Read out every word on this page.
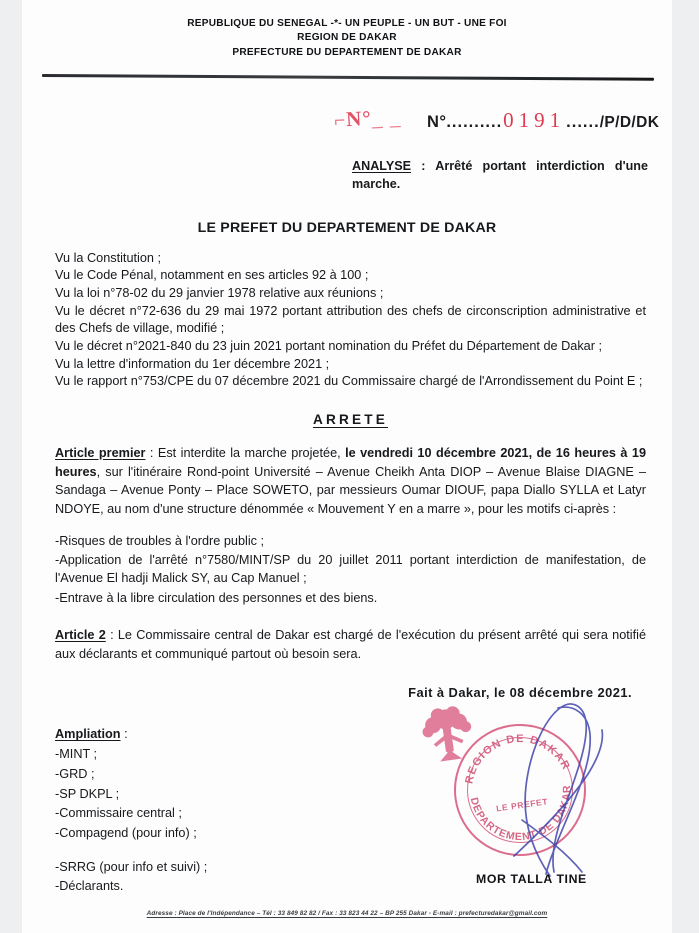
REPUBLIQUE DU SENEGAL -*- UN PEUPLE - UN BUT - UNE FOI
REGION DE DAKAR
PREFECTURE DU DEPARTEMENT DE DAKAR
⌐N°_ _ N°..........0191....../P/D/DK
ANALYSE : Arrêté portant interdiction d'une marche.
LE PREFET DU DEPARTEMENT DE DAKAR
Vu la Constitution ;
Vu le Code Pénal, notamment en ses articles 92 à 100 ;
Vu la loi n°78-02 du 29 janvier 1978 relative aux réunions ;
Vu le décret n°72-636 du 29 mai 1972 portant attribution des chefs de circonscription administrative et des Chefs de village, modifié ;
Vu le décret n°2021-840 du 23 juin 2021 portant nomination du Préfet du Département de Dakar ;
Vu la lettre d'information du 1er décembre 2021 ;
Vu le rapport n°753/CPE du 07 décembre 2021 du Commissaire chargé de l'Arrondissement du Point E ;
ARRETE
Article premier : Est interdite la marche projetée, le vendredi 10 décembre 2021, de 16 heures à 19 heures, sur l'itinéraire Rond-point Université – Avenue Cheikh Anta DIOP – Avenue Blaise DIAGNE – Sandaga – Avenue Ponty – Place SOWETO, par messieurs Oumar DIOUF, papa Diallo SYLLA et Latyr NDOYE, au nom d'une structure dénommée « Mouvement Y en a marre », pour les motifs ci-après :
-Risques de troubles à l'ordre public ;
-Application de l'arrêté n°7580/MINT/SP du 20 juillet 2011 portant interdiction de manifestation, de l'Avenue El hadji Malick SY, au Cap Manuel ;
-Entrave à la libre circulation des personnes et des biens.
Article 2 : Le Commissaire central de Dakar est chargé de l'exécution du présent arrêté qui sera notifié aux déclarants et communiqué partout où besoin sera.
Fait à Dakar, le 08 décembre 2021.
Ampliation :
-MINT ;
-GRD ;
-SP DKPL ;
-Commissaire central ;
-Compagend (pour info) ;
-SRRG (pour info et suivi) ;
-Déclarants.
REGION DE DAKAR
DEPARTEMENT DE DAKAR
LE PREFET
MOR TALLA TINE
Adresse : Place de l'Indépendance – Tél : 33 849 82 82 / Fax : 33 823 44 22 – BP 255 Dakar - E-mail : prefecturedakar@gmail.com
